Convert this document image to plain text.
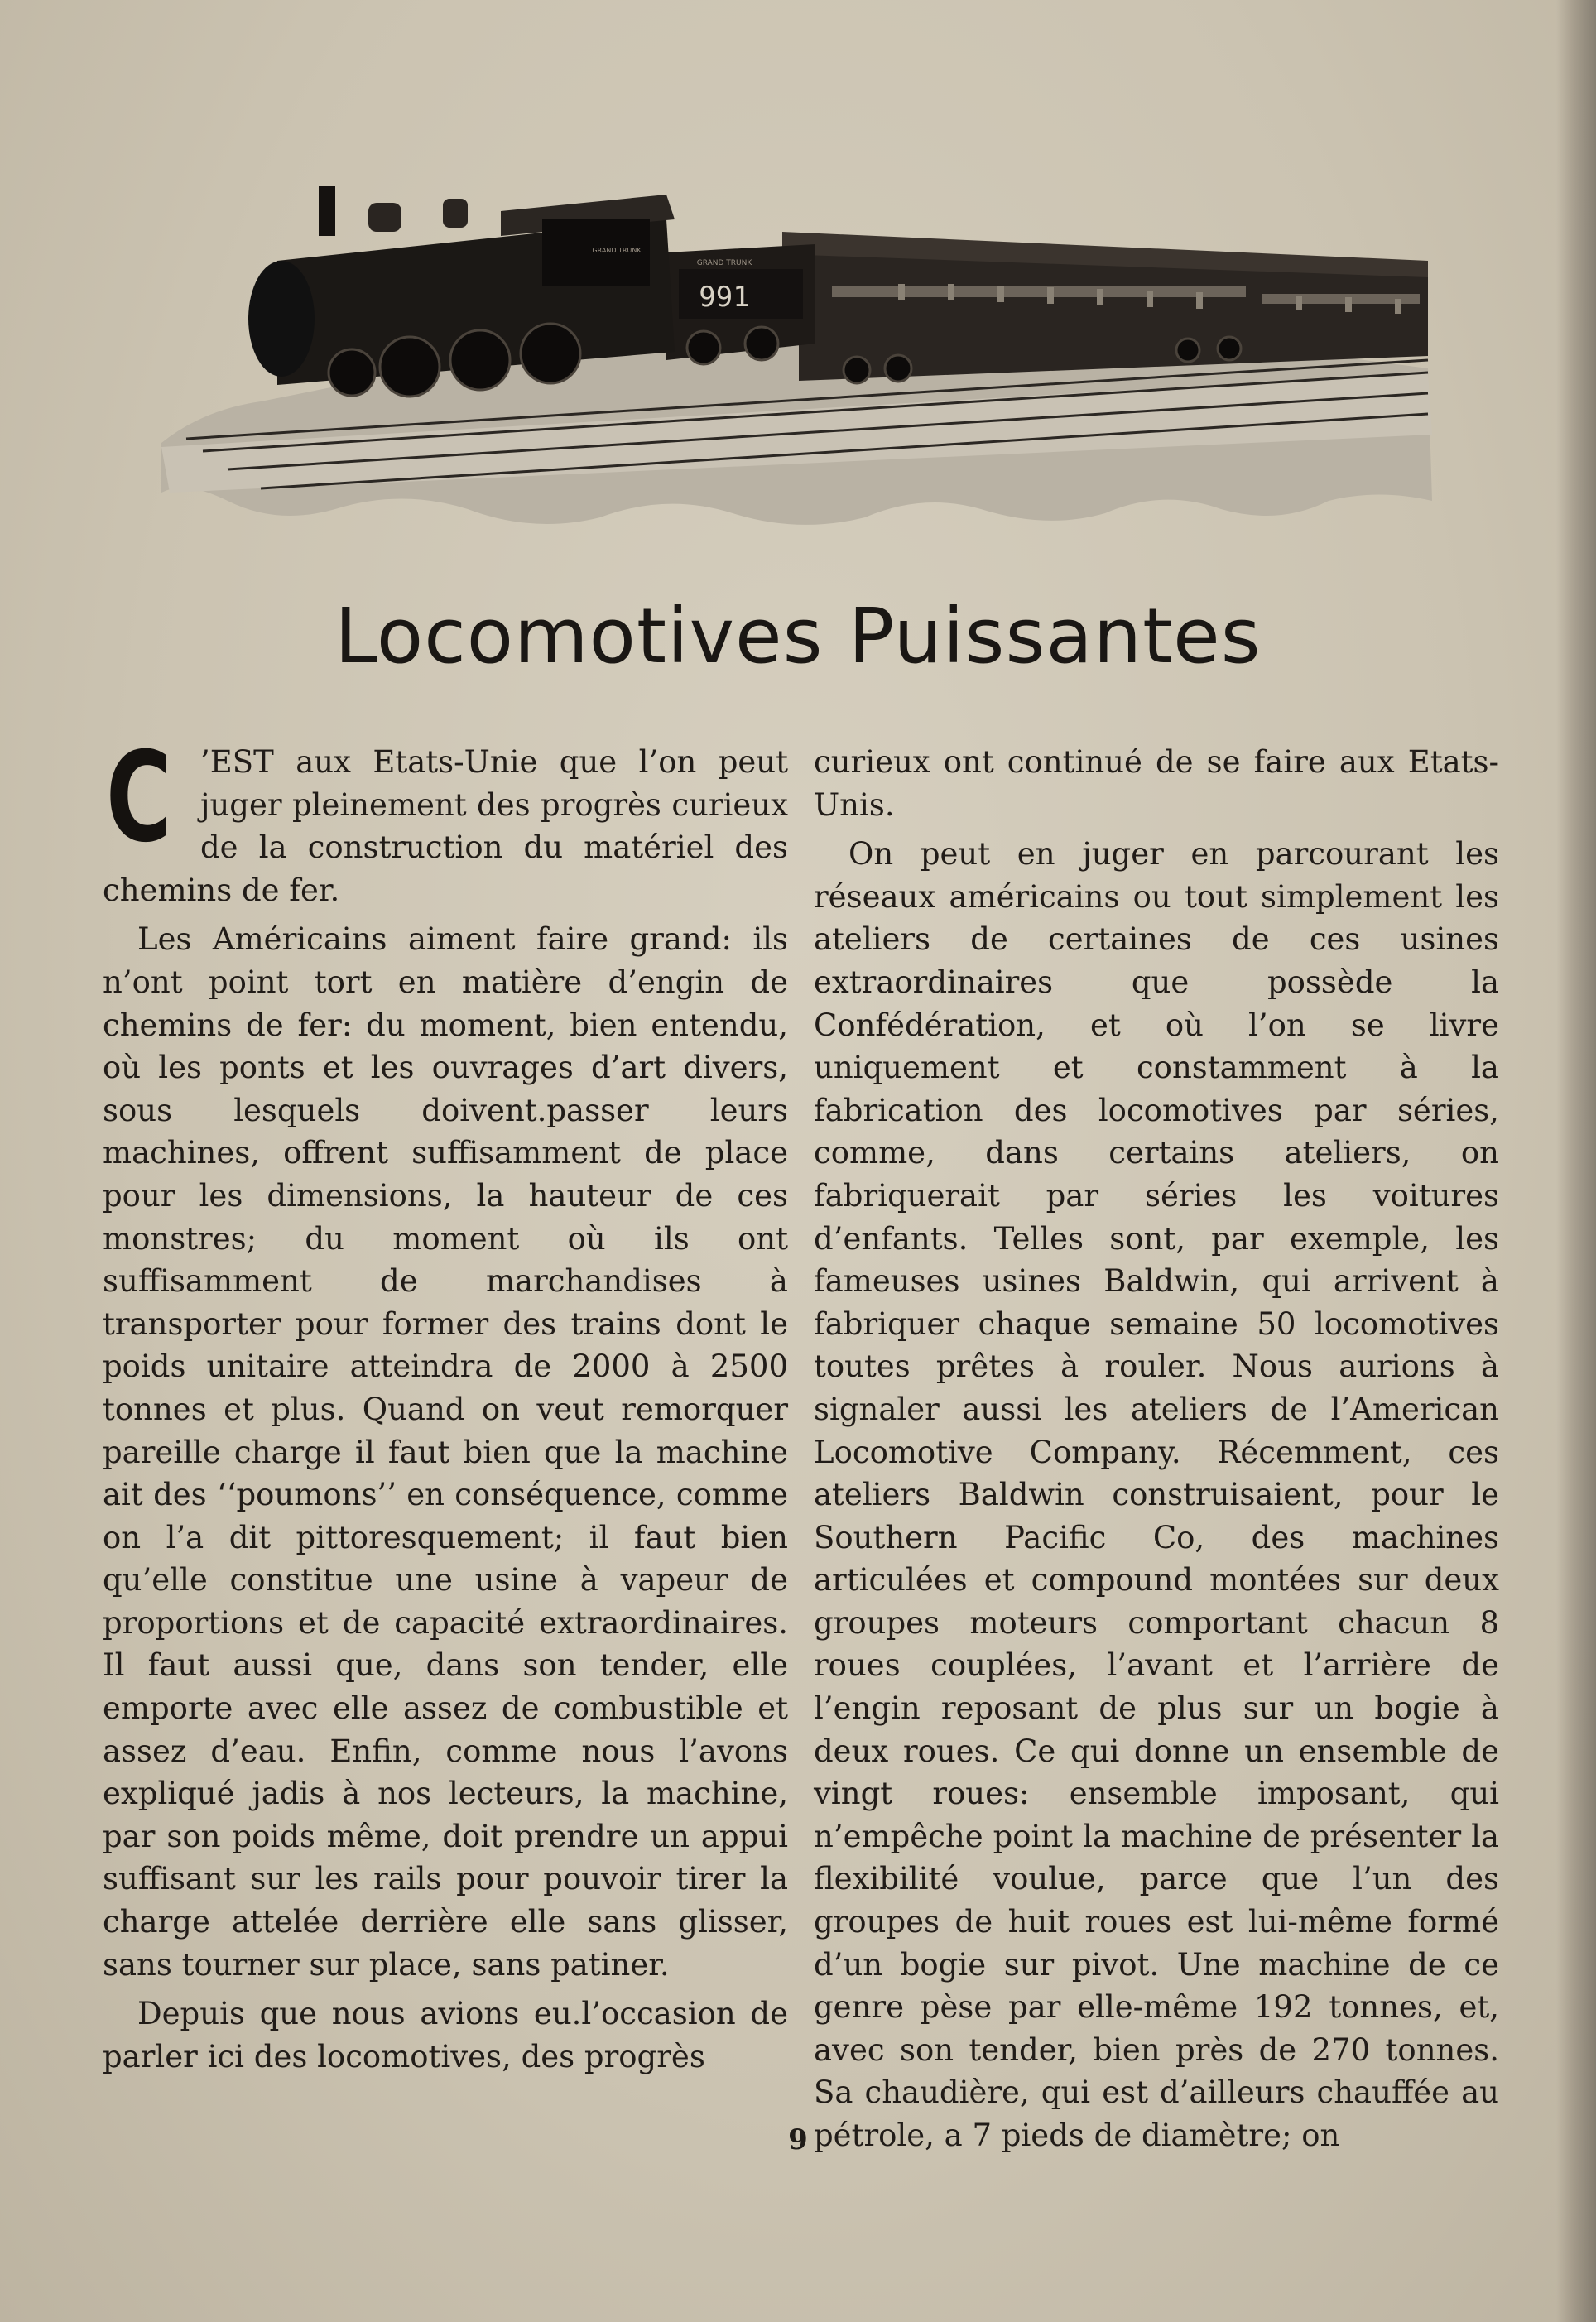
991
GRAND TRUNK
GRAND TRUNK
Locomotives Puissantes

C ’EST aux Etats-Unie que l’on peut juger pleinement des progrès curieux de la construction du matériel des chemins de fer.

Les Américains aiment faire grand: ils n’ont point tort en matière d’engin de chemins de fer: du moment, bien entendu, où les ponts et les ouvrages d’art divers, sous lesquels doivent.passer leurs machines, offrent suffisamment de place pour les dimensions, la hauteur de ces monstres; du moment où ils ont suffisamment de marchandises à transporter pour former des trains dont le poids unitaire atteindra de 2000 à 2500 tonnes et plus. Quand on veut remorquer pareille charge il faut bien que la machine ait des ‘‘poumons’’ en conséquence, comme on l’a dit pittoresquement; il faut bien qu’elle constitue une usine à vapeur de proportions et de capacité extraordinaires. Il faut aussi que, dans son tender, elle emporte avec elle assez de combustible et assez d’eau. Enfin, comme nous l’avons expliqué jadis à nos lecteurs, la machine, par son poids même, doit prendre un appui suffisant sur les rails pour pouvoir tirer la charge attelée derrière elle sans glisser, sans tourner sur place, sans patiner.

Depuis que nous avions eu.l’occasion de parler ici des locomotives, des progrès

curieux ont continué de se faire aux Etats-Unis.

On peut en juger en parcourant les réseaux américains ou tout simplement les ateliers de certaines de ces usines extraordinaires que possède la Confédération, et où l’on se livre uniquement et constamment à la fabrication des locomotives par séries, comme, dans certains ateliers, on fabriquerait par séries les voitures d’enfants. Telles sont, par exemple, les fameuses usines Baldwin, qui arrivent à fabriquer chaque semaine 50 locomotives toutes prêtes à rouler. Nous aurions à signaler aussi les ateliers de l’American Locomotive Company. Récemment, ces ateliers Baldwin construisaient, pour le Southern Pacific Co, des machines articulées et compound montées sur deux groupes moteurs comportant chacun 8 roues couplées, l’avant et l’arrière de l’engin reposant de plus sur un bogie à deux roues. Ce qui donne un ensemble de vingt roues: ensemble imposant, qui n’empêche point la machine de présenter la flexibilité voulue, parce que l’un des groupes de huit roues est lui-même formé d’un bogie sur pivot. Une machine de ce genre pèse par elle-même 192 tonnes, et, avec son tender, bien près de 270 tonnes. Sa chaudière, qui est d’ailleurs chauffée au pétrole, a 7 pieds de diamètre; on

9
